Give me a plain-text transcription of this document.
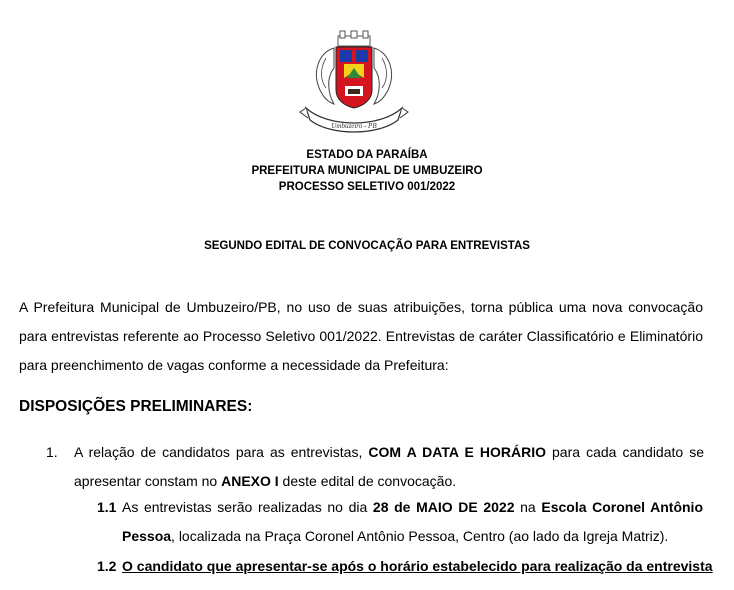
Umbuzeiro - PB
ESTADO DA PARAÍBA
PREFEITURA MUNICIPAL DE UMBUZEIRO
PROCESSO SELETIVO 001/2022
SEGUNDO EDITAL DE CONVOCAÇÃO PARA ENTREVISTAS
A Prefeitura Municipal de Umbuzeiro/PB, no uso de suas atribuições, torna pública uma nova convocação para entrevistas referente ao Processo Seletivo 001/2022. Entrevistas de caráter Classificatório e Eliminatório para preenchimento de vagas conforme a necessidade da Prefeitura:
DISPOSIÇÕES PRELIMINARES:
1. A relação de candidatos para as entrevistas, COM A DATA E HORÁRIO para cada candidato se apresentar constam no ANEXO I deste edital de convocação.
1.1 As entrevistas serão realizadas no dia 28 de MAIO DE 2022 na Escola Coronel Antônio Pessoa, localizada na Praça Coronel Antônio Pessoa, Centro (ao lado da Igreja Matriz).
1.2 O candidato que apresentar-se após o horário estabelecido para realização da entrevista
